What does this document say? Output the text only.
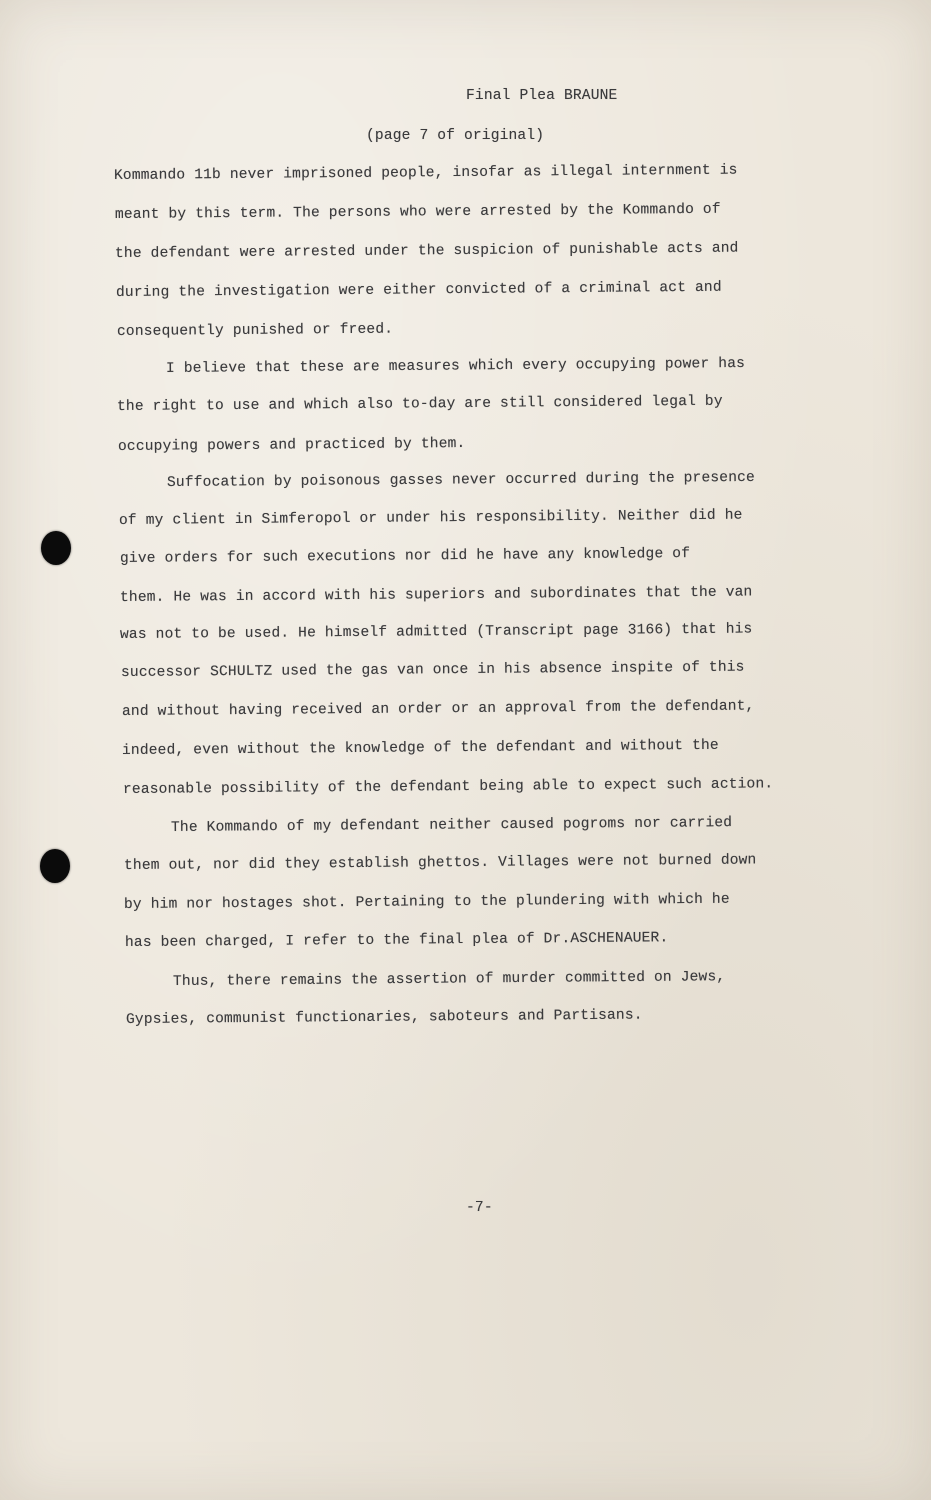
Final Plea BRAUNE
(page 7 of original)
Kommando 11b never imprisoned people, insofar as illegal internment is
meant by this term. The persons who were arrested by the Kommando of
the defendant were arrested under the suspicion of punishable acts and
during the investigation were either convicted of a criminal act and
consequently punished or freed.
I believe that these are measures which every occupying power has
the right to use and which also to-day are still considered legal by
occupying powers and practiced by them.
Suffocation by poisonous gasses never occurred during the presence
of my client in Simferopol or under his responsibility. Neither did he
give orders for such executions nor did he have any knowledge of
them. He was in accord with his superiors and subordinates that the van
was not to be used. He himself admitted (Transcript page 3166) that his
successor SCHULTZ used the gas van once in his absence inspite of this
and without having received an order or an approval from the defendant,
indeed, even without the knowledge of the defendant and without the
reasonable possibility of the defendant being able to expect such action.
The Kommando of my defendant neither caused pogroms nor carried
them out, nor did they establish ghettos. Villages were not burned down
by him nor hostages shot. Pertaining to the plundering with which he
has been charged, I refer to the final plea of Dr.ASCHENAUER.
Thus, there remains the assertion of murder committed on Jews,
Gypsies, communist functionaries, saboteurs and Partisans.
-7-
